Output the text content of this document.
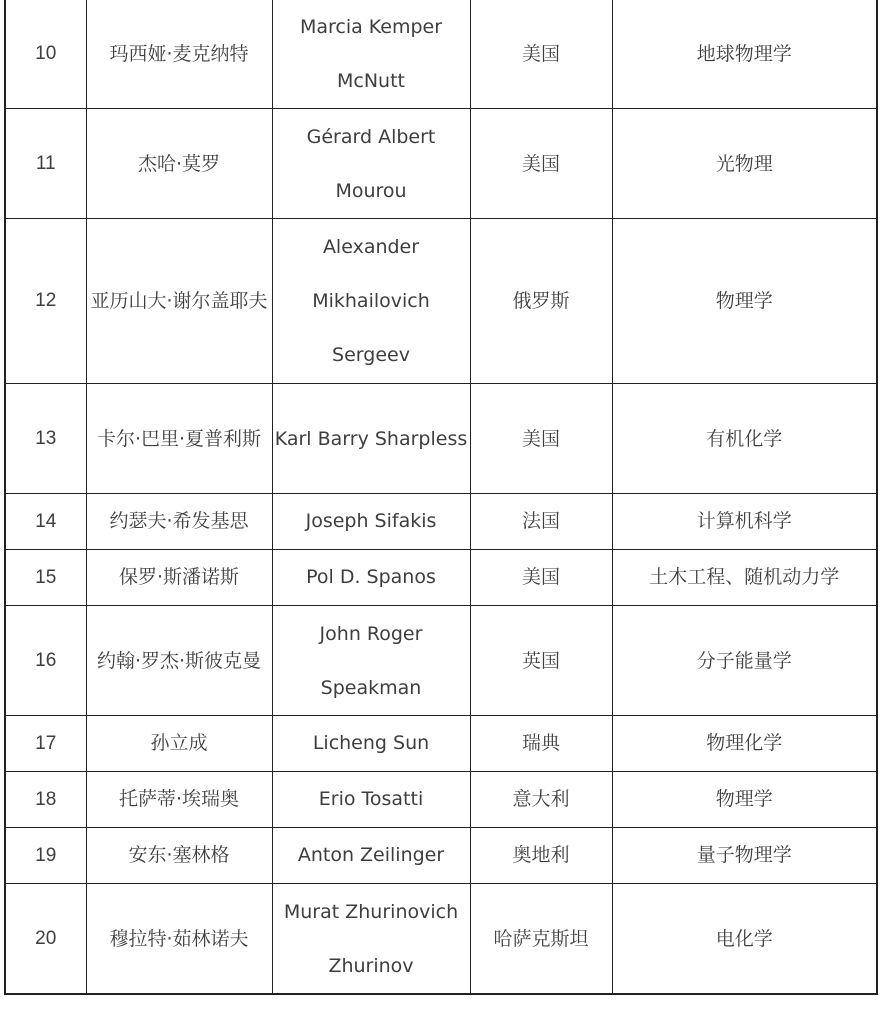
10	玛西娅·麦克纳特	Marcia Kemper McNutt	美国	地球物理学
11	杰哈·莫罗	Gérard Albert Mourou	美国	光物理
12	亚历山大·谢尔盖耶夫	Alexander Mikhailovich Sergeev	俄罗斯	物理学
13	卡尔·巴里·夏普利斯	Karl Barry Sharpless	美国	有机化学
14	约瑟夫·希发基思	Joseph Sifakis	法国	计算机科学
15	保罗·斯潘诺斯	Pol D. Spanos	美国	土木工程、随机动力学
16	约翰·罗杰·斯彼克曼	John Roger Speakman	英国	分子能量学
17	孙立成	Licheng Sun	瑞典	物理化学
18	托萨蒂·埃瑞奥	Erio Tosatti	意大利	物理学
19	安东·塞林格	Anton Zeilinger	奥地利	量子物理学
20	穆拉特·茹林诺夫	Murat Zhurinovich Zhurinov	哈萨克斯坦	电化学
